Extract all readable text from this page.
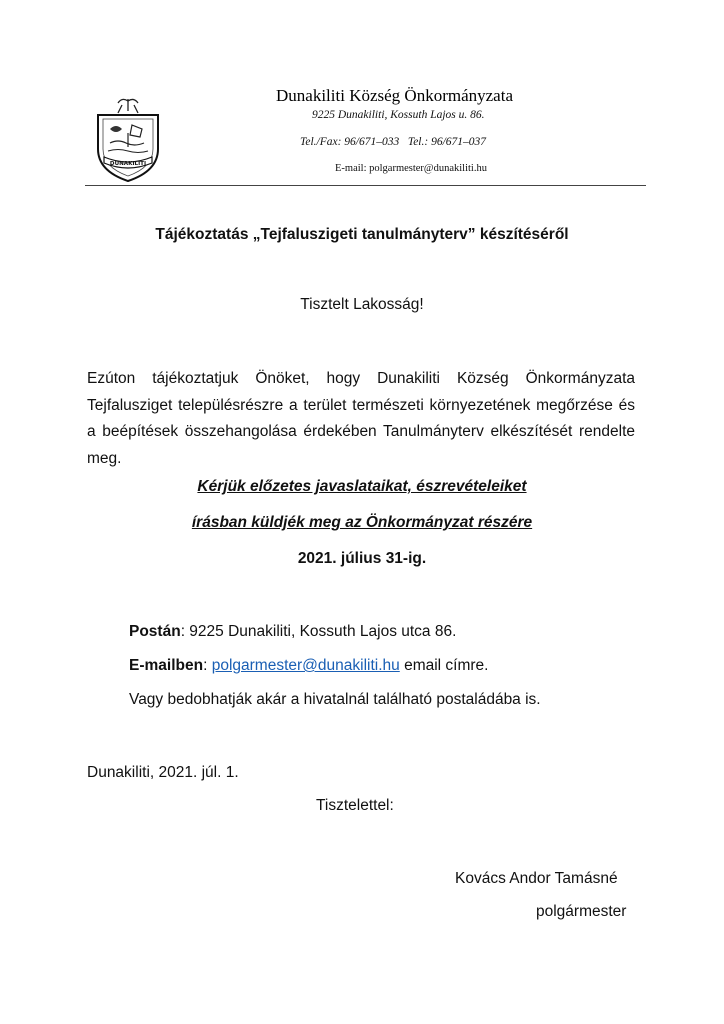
DUNAKILITI
Dunakiliti Község Önkormányzata
9225 Dunakiliti, Kossuth Lajos u. 86.
Tel./Fax: 96/671–033   Tel.: 96/671–037
E-mail: polgarmester@dunakiliti.hu
Tájékoztatás „Tejfaluszigeti tanulmányterv” készítéséről
Tisztelt Lakosság!
Ezúton tájékoztatjuk Önöket, hogy Dunakiliti Község Önkormányzata Tejfalusziget településrészre a terület természeti környezetének megőrzése és a beépítések összehangolása érdekében Tanulmányterv elkészítését rendelte meg.
Kérjük előzetes javaslataikat, észrevételeiket
írásban küldjék meg az Önkormányzat részére
2021. július 31-ig.
Postán: 9225 Dunakiliti, Kossuth Lajos utca 86.
E-mailben: polgarmester@dunakiliti.hu email címre.
Vagy bedobhatják akár a hivatalnál található postaládába is.
Dunakiliti, 2021. júl. 1.
Tisztelettel:
Kovács Andor Tamásné
polgármester
